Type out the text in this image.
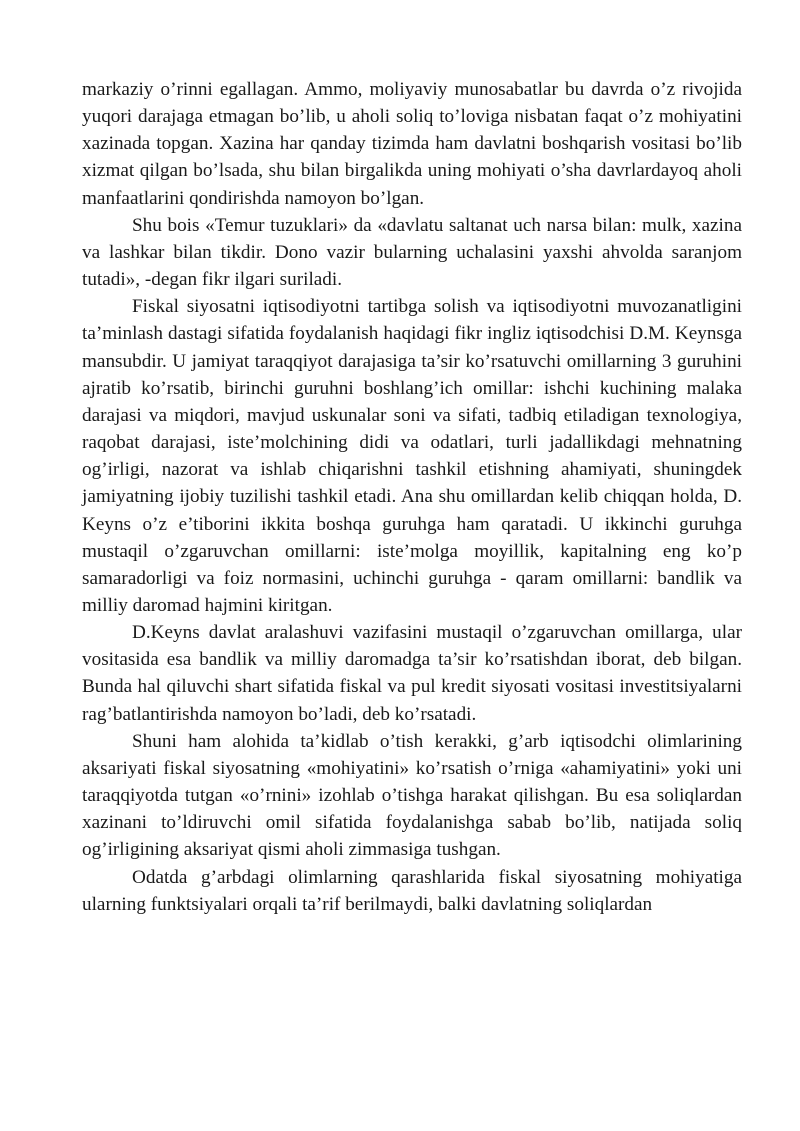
markaziy o’rinni egallagan. Ammo, moliyaviy munosabatlar bu davrda o’z rivojida yuqori darajaga etmagan bo’lib, u aholi soliq to’loviga nisbatan faqat o’z mohiyatini xazinada topgan. Xazina har qanday tizimda ham davlatni boshqarish vositasi bo’lib xizmat qilgan bo’lsada, shu bilan birgalikda uning mohiyati o’sha davrlardayoq aholi manfaatlarini qondirishda namoyon bo’lgan.

Shu bois «Temur tuzuklari» da «davlatu saltanat uch narsa bilan: mulk, xazina va lashkar bilan tikdir. Dono vazir bularning uchalasini yaxshi ahvolda saranjom tutadi», -degan fikr ilgari suriladi.

Fiskal siyosatni iqtisodiyotni tartibga solish va iqtisodiyotni muvozanatligini ta’minlash dastagi sifatida foydalanish haqidagi fikr ingliz iqtisodchisi D.M. Keynsga mansubdir. U jamiyat taraqqiyot darajasiga ta’sir ko’rsatuvchi omillarning 3 guruhini ajratib ko’rsatib, birinchi guruhni boshlang’ich omillar: ishchi kuchining malaka darajasi va miqdori, mavjud uskunalar soni va sifati, tadbiq etiladigan texnologiya, raqobat darajasi, iste’molchining didi va odatlari, turli jadallikdagi mehnatning og’irligi, nazorat va ishlab chiqarishni tashkil etishning ahamiyati, shuningdek jamiyatning ijobiy tuzilishi tashkil etadi. Ana shu omillardan kelib chiqqan holda, D. Keyns o’z e’tiborini ikkita boshqa guruhga ham qaratadi. U ikkinchi guruhga mustaqil o’zgaruvchan omillarni: iste’molga moyillik, kapitalning eng ko’p samaradorligi va foiz normasini, uchinchi guruhga - qaram omillarni: bandlik va milliy daromad hajmini kiritgan.

D.Keyns davlat aralashuvi vazifasini mustaqil o’zgaruvchan omillarga, ular vositasida esa bandlik va milliy daromadga ta’sir ko’rsatishdan iborat, deb bilgan. Bunda hal qiluvchi shart sifatida fiskal va pul kredit siyosati vositasi investitsiyalarni rag’batlantirishda namoyon bo’ladi, deb ko’rsatadi.

Shuni ham alohida ta’kidlab o’tish kerakki, g’arb iqtisodchi olimlarining aksariyati fiskal siyosatning «mohiyatini» ko’rsatish o’rniga «ahamiyatini» yoki uni taraqqiyotda tutgan «o’rnini» izohlab o’tishga harakat qilishgan. Bu esa soliqlardan xazinani to’ldiruvchi omil sifatida foydalanishga sabab bo’lib, natijada soliq og’irligining aksariyat qismi aholi zimmasiga tushgan.

Odatda g’arbdagi olimlarning qarashlarida fiskal siyosatning mohiyatiga ularning funktsiyalari orqali ta’rif berilmaydi, balki davlatning soliqlardan
